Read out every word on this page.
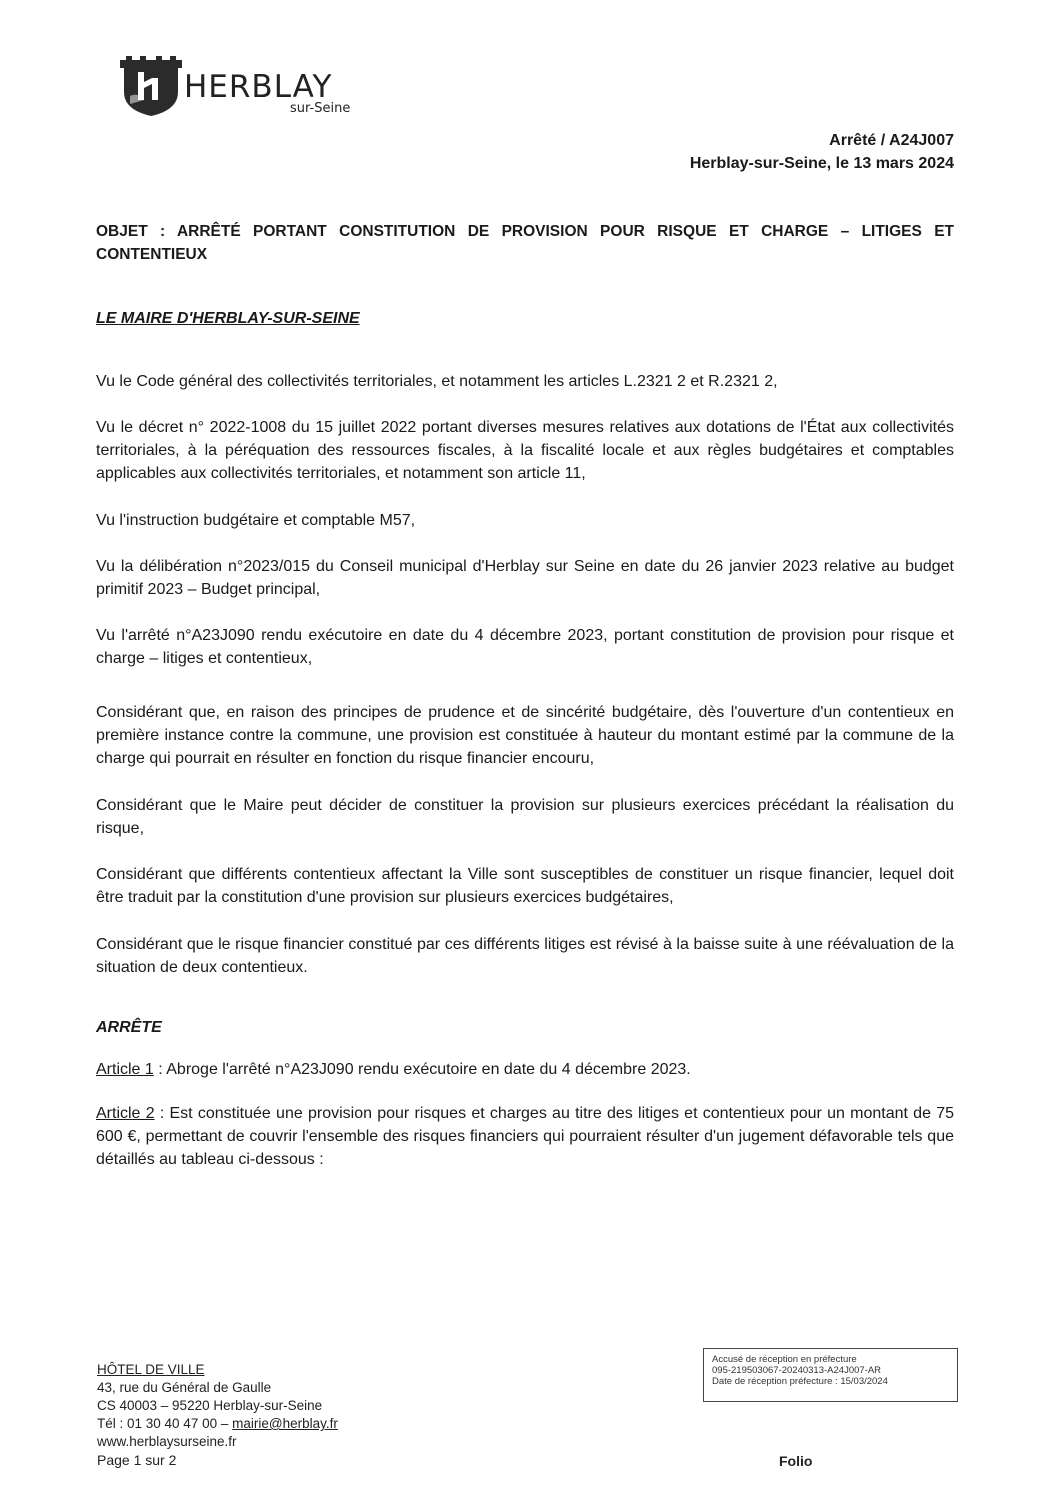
HERBLAY
sur-Seine
Arrêté / A24J007
Herblay-sur-Seine, le 13 mars 2024
OBJET : ARRÊTÉ PORTANT CONSTITUTION DE PROVISION POUR RISQUE ET CHARGE – LITIGES ET CONTENTIEUX
LE MAIRE D'HERBLAY-SUR-SEINE
Vu le Code général des collectivités territoriales, et notamment les articles L.2321 2 et R.2321 2,
Vu le décret n° 2022-1008 du 15 juillet 2022 portant diverses mesures relatives aux dotations de l'État aux collectivités territoriales, à la péréquation des ressources fiscales, à la fiscalité locale et aux règles budgétaires et comptables applicables aux collectivités territoriales, et notamment son article 11,
Vu l'instruction budgétaire et comptable M57,
Vu la délibération n°2023/015 du Conseil municipal d'Herblay sur Seine en date du 26 janvier 2023 relative au budget primitif 2023 – Budget principal,
Vu l'arrêté n°A23J090 rendu exécutoire en date du 4 décembre 2023, portant constitution de provision pour risque et charge – litiges et contentieux,
Considérant que, en raison des principes de prudence et de sincérité budgétaire, dès l'ouverture d'un contentieux en première instance contre la commune, une provision est constituée à hauteur du montant estimé par la commune de la charge qui pourrait en résulter en fonction du risque financier encouru,
Considérant que le Maire peut décider de constituer la provision sur plusieurs exercices précédant la réalisation du risque,
Considérant que différents contentieux affectant la Ville sont susceptibles de constituer un risque financier, lequel doit être traduit par la constitution d'une provision sur plusieurs exercices budgétaires,
Considérant que le risque financier constitué par ces différents litiges est révisé à la baisse suite à une réévaluation de la situation de deux contentieux.
ARRÊTE
Article 1 : Abroge l'arrêté n°A23J090 rendu exécutoire en date du 4 décembre 2023.
Article 2 : Est constituée une provision pour risques et charges au titre des litiges et contentieux pour un montant de 75 600 €, permettant de couvrir l'ensemble des risques financiers qui pourraient résulter d'un jugement défavorable tels que détaillés au tableau ci-dessous :
HÔTEL DE VILLE
43, rue du Général de Gaulle
CS 40003 – 95220 Herblay-sur-Seine
Tél : 01 30 40 47 00 – mairie@herblay.fr
www.herblaysurseine.fr
Page 1 sur 2
Accusé de réception en préfecture
095-219503067-20240313-A24J007-AR
Date de réception préfecture : 15/03/2024
Folio
